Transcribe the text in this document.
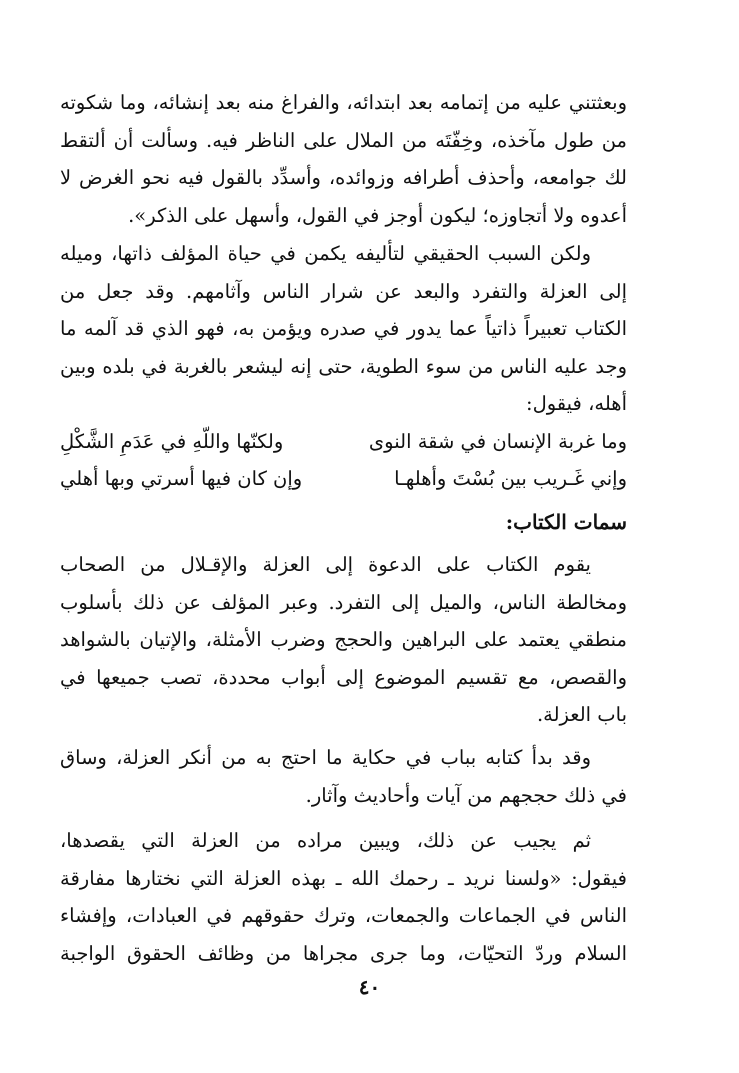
وبعثتني عليه من إتمامه بعد ابتدائه، والفراغ منه بعد إنشائه، وما شكوته
من طول مآخذه، وخِفّتَه من الملال على الناظر فيه. وسألت أن ألتقط
لك جوامعه، وأحذف أطرافه وزوائده، وأسدِّد بالقول فيه نحو الغرض لا
أعدوه ولا أتجاوزه؛ ليكون أوجز في القول، وأسهل على الذكر».

ولكن السبب الحقيقي لتأليفه يكمن في حياة المؤلف ذاتها، وميله
إلى العزلة والتفرد والبعد عن شرار الناس وآثامهم. وقد جعل من
الكتاب تعبيراً ذاتياً عما يدور في صدره ويؤمن به، فهو الذي قد آلمه ما
وجد عليه الناس من سوء الطوية، حتى إنه ليشعر بالغربة في بلده وبين
أهله، فيقول:

وما غربة الإنسان في شقة النوى
ولكنّها واللّهِ في عَدَمِ الشَّكْلِ
وإني غَـريب بين بُسْتَ وأهلهـا
وإن كان فيها أسرتي وبها أهلي
سمات الكتاب:

يقوم الكتاب على الدعوة إلى العزلة والإقـلال من الصحاب
ومخالطة الناس، والميل إلى التفرد. وعبر المؤلف عن ذلك بأسلوب
منطقي يعتمد على البراهين والحجج وضرب الأمثلة، والإتيان بالشواهد
والقصص، مع تقسيم الموضوع إلى أبواب محددة، تصب جميعها في
باب العزلة.

وقد بدأ كتابه بباب في حكاية ما احتج به من أنكر العزلة، وساق
في ذلك حججهم من آيات وأحاديث وآثار.

ثم يجيب عن ذلك، ويبين مراده من العزلة التي يقصدها،
فيقول: «ولسنا نريد ـ رحمك الله ـ بهذه العزلة التي نختارها مفارقة
الناس في الجماعات والجمعات، وترك حقوقهم في العبادات، وإفشاء
السلام وردّ التحيّات، وما جرى مجراها من وظائف الحقوق الواجبة

٤٠
